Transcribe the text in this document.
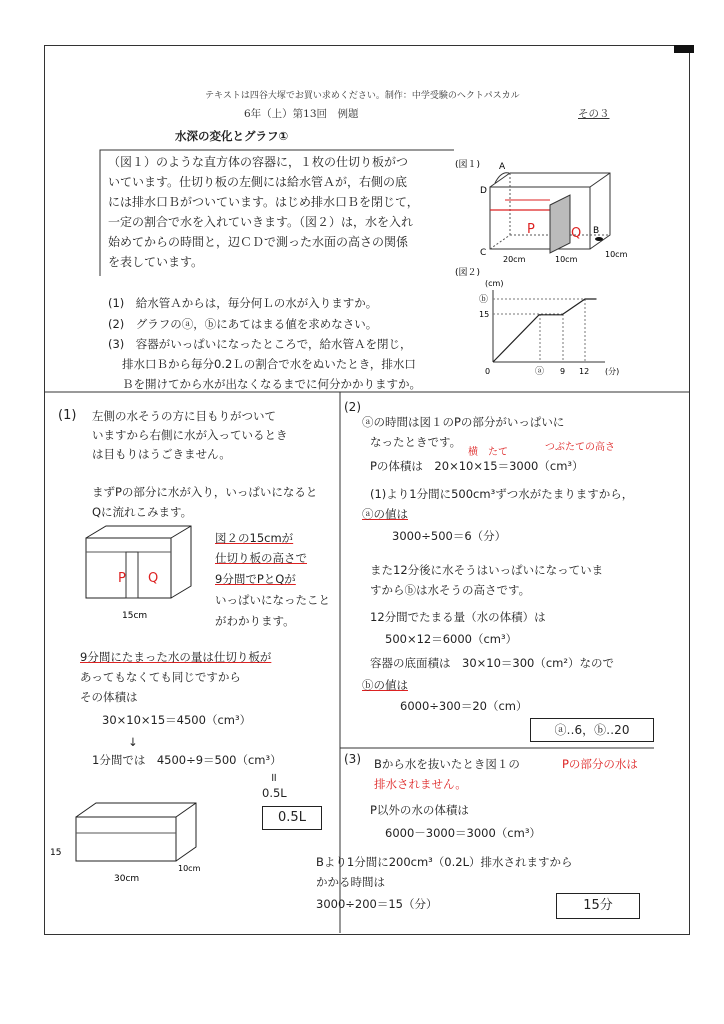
テキストは四谷大塚でお買い求めください。制作：中学受験のヘクトパスカル
6年（上）第13回　例題	その３
水深の変化とグラフ①
（図１）のような直方体の容器に，１枚の仕切り板がつ
いています。仕切り板の左側には給水管Ａが，右側の底
には排水口Ｂがついています。はじめ排水口Ｂを閉じて，
一定の割合で水を入れていきます。（図２）は，水を入れ
始めてからの時間と，辺ＣＤで測った水面の高さの関係
を表しています。
(1)　給水管Ａからは，毎分何Ｌの水が入りますか。
(2)　グラフのⓐ，ⓑにあてはまる値を求めなさい。
(3)　容器がいっぱいになったところで，給水管Ａを閉じ，
排水口Ｂから毎分0.2Ｌの割合で水をぬいたとき，排水口
Ｂを開けてから水が出なくなるまでに何分かかりますか。
(図１) A
D
C
P	Q B
20cm	10cm
10cm
(図２)
(cm)
ⓑ
15
0	ⓐ 9 12 (分)
(1) 左側の水そうの方に目もりがついて
いますから右側に水が入っているとき
は目もりはうごきません。
まずPの部分に水が入り，いっぱいになると
Qに流れこみます。
P Q
15cm
図２の15cmが
仕切り板の高さで
9分間でPとQが
いっぱいになったこと
がわかります。
9分間にたまった水の量は仕切り板が
あってもなくても同じですから
その体積は
30×10×15＝4500（cm³）
↓
1分間では　4500÷9＝500（cm³）
॥
0.5L
0.5L
15
10cm
30cm
(2)
ⓐの時間は図１のPの部分がいっぱいに
なったときです。
横　たて	つぶたての高さ
Pの体積は　20×10×15＝3000（cm³）
(1)より1分間に500cm³ずつ水がたまりますから，
ⓐの値は
3000÷500＝6（分）
また12分後に水そうはいっぱいになっていま
すからⓑは水そうの高さです。
12分間でたまる量（水の体積）は
500×12＝6000（cm³）
容器の底面積は　30×10＝300（cm²）なので
ⓑの値は
6000÷300＝20（cm）
ⓐ‥6，ⓑ‥20
(3) Bから水を抜いたとき図１の	Pの部分の水は
排水されません。
P以外の水の体積は
6000－3000＝3000（cm³）
Bより1分間に200cm³（0.2L）排水されますから
かかる時間は
3000÷200＝15（分）	15分
